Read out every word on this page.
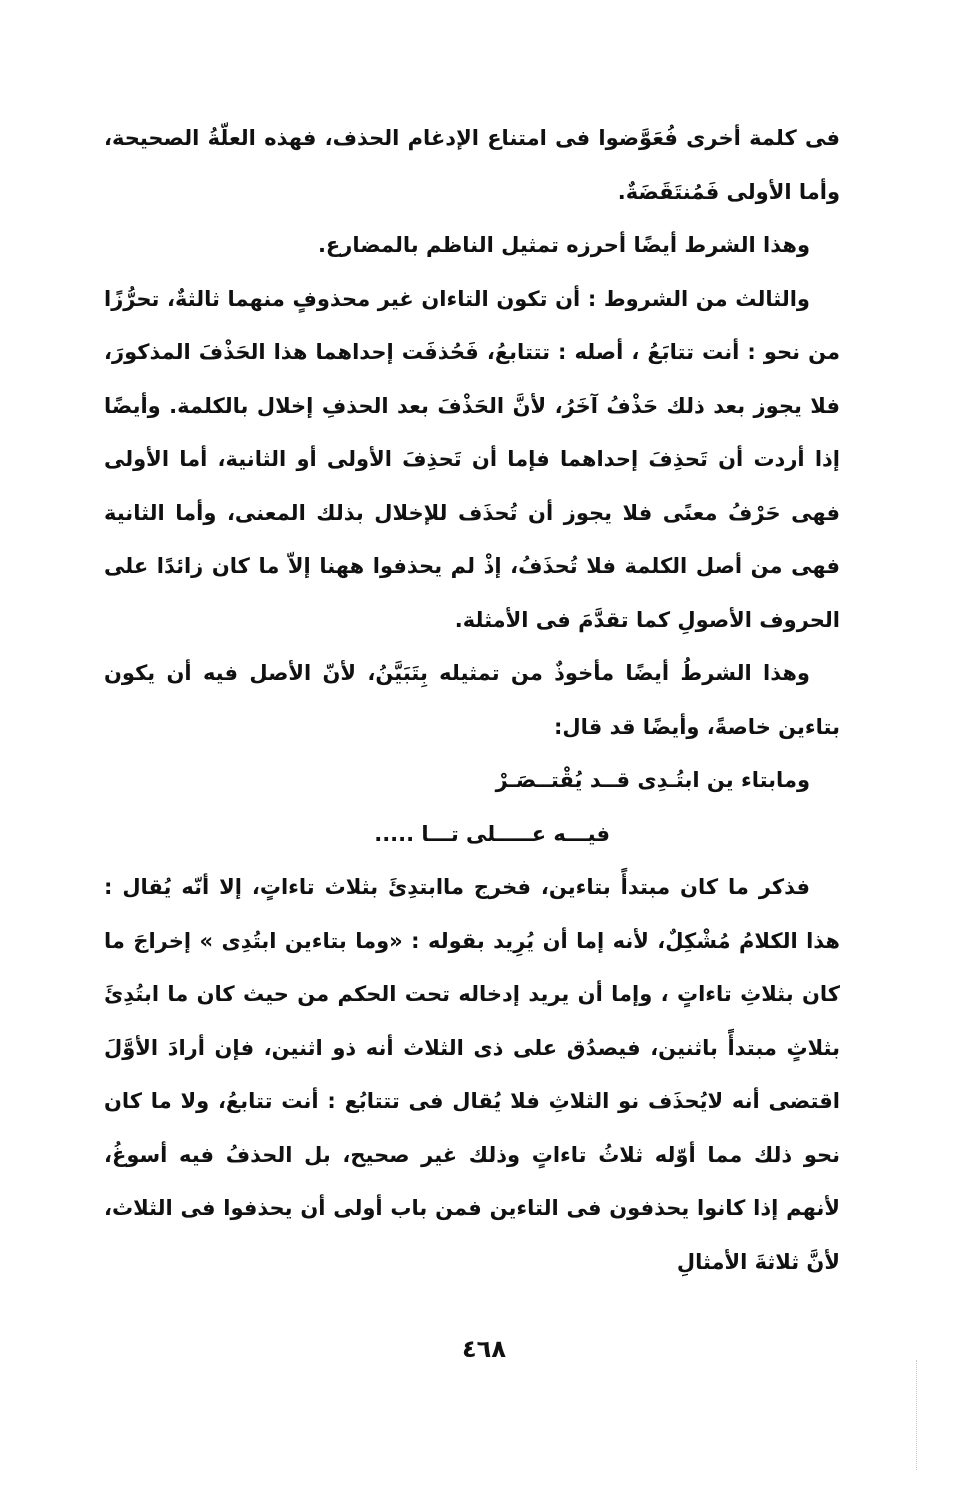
فى كلمة أخرى فُعَوَّضوا فى امتناع الإدغام الحذف، فهذه العلّةُ الصحيحة، وأما الأولى فَمُنتَقَضَةٌ.

وهذا الشرط أيضًا أحرزه تمثيل الناظم بالمضارع.

والثالث من الشروط : أن تكون التاءان غير محذوفٍ منهما ثالثةٌ، تحرُّزًا من نحو : أنت تتابَعُ ، أصله : تتتابعُ، فَحُذفَت إحداهما هذا الحَذْفَ المذكورَ، فلا يجوز بعد ذلك حَذْفُ آخَرُ، لأنَّ الحَذْفَ بعد الحذفِ إخلال بالكلمة. وأيضًا إذا أردت أن تَحذِفَ إحداهما فإما أن تَحذِفَ الأولى أو الثانية، أما الأولى فهى حَرْفُ معنًى فلا يجوز أن تُحذَف للإخلال بذلك المعنى، وأما الثانية فهى من أصل الكلمة فلا تُحذَفُ، إذْ لم يحذفوا ههنا إلاّ ما كان زائدًا على الحروف الأصولِ كما تقدَّمَ فى الأمثلة.

وهذا الشرطُ أيضًا مأخوذٌ من تمثيله بِتَبَيَّنُ، لأنّ الأصل فيه أن يكون بتاءين خاصةً، وأيضًا قد قال:

ومابتاء ين ابتُـدِى قــد يُقْتــصَـرْ

فيـــه عـــــلى تـــا .....

فذكر ما كان مبتدأً بتاءين، فخرج ماابتدِئَ بثلاث تاءاتٍ، إلا أنّه يُقال : هذا الكلامُ مُشْكِلٌ، لأنه إما أن يُرِيد بقوله : «وما بتاءين ابتُدِى » إخراجَ ما كان بثلاثِ تاءاتٍ ، وإما أن يريد إدخاله تحت الحكم من حيث كان ما ابتُدِئَ بثلاثٍ مبتدأً باثنين، فيصدُق على ذى الثلاث أنه ذو اثنين، فإن أرادَ الأوَّلَ اقتضى أنه لايُحذَف نو الثلاثِ فلا يُقال فى تتتابُع : أنت تتابعُ، ولا ما كان نحو ذلك مما أوّله ثلاثُ تاءاتٍ وذلك غير صحيح، بل الحذفُ فيه أسوغُ، لأنهم إذا كانوا يحذفون فى التاءين فمن باب أولى أن يحذفوا فى الثلاث، لأنَّ ثلاثةَ الأمثالِ

٤٦٨
